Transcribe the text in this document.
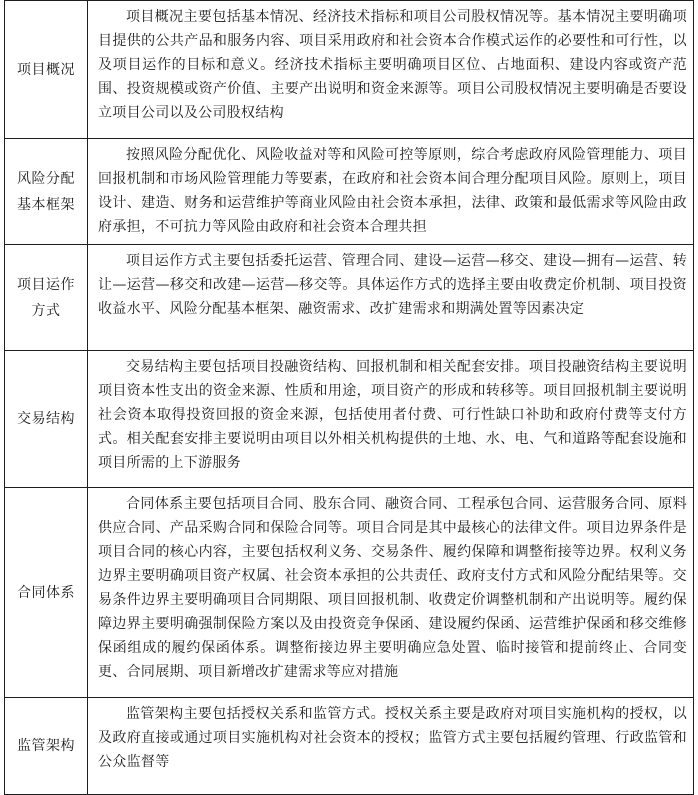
项目概况	项目概况主要包括基本情况、经济技术指标和项目公司股权情况等。基本情况主要明确项目提供的公共产品和服务内容、项目采用政府和社会资本合作模式运作的必要性和可行性，以及项目运作的目标和意义。经济技术指标主要明确项目区位、占地面积、建设内容或资产范围、投资规模或资产价值、主要产出说明和资金来源等。项目公司股权情况主要明确是否要设立项目公司以及公司股权结构

风险分配基本框架	按照风险分配优化、风险收益对等和风险可控等原则，综合考虑政府风险管理能力、项目回报机制和市场风险管理能力等要素，在政府和社会资本间合理分配项目风险。原则上，项目设计、建造、财务和运营维护等商业风险由社会资本承担，法律、政策和最低需求等风险由政府承担，不可抗力等风险由政府和社会资本合理共担

项目运作方式	项目运作方式主要包括委托运营、管理合同、建设—运营—移交、建设—拥有—运营、转让—运营—移交和改建—运营—移交等。具体运作方式的选择主要由收费定价机制、项目投资收益水平、风险分配基本框架、融资需求、改扩建需求和期满处置等因素决定

交易结构	交易结构主要包括项目投融资结构、回报机制和相关配套安排。项目投融资结构主要说明项目资本性支出的资金来源、性质和用途，项目资产的形成和转移等。项目回报机制主要说明社会资本取得投资回报的资金来源，包括使用者付费、可行性缺口补助和政府付费等支付方式。相关配套安排主要说明由项目以外相关机构提供的土地、水、电、气和道路等配套设施和项目所需的上下游服务

合同体系	合同体系主要包括项目合同、股东合同、融资合同、工程承包合同、运营服务合同、原料供应合同、产品采购合同和保险合同等。项目合同是其中最核心的法律文件。项目边界条件是项目合同的核心内容，主要包括权利义务、交易条件、履约保障和调整衔接等边界。权利义务边界主要明确项目资产权属、社会资本承担的公共责任、政府支付方式和风险分配结果等。交易条件边界主要明确项目合同期限、项目回报机制、收费定价调整机制和产出说明等。履约保障边界主要明确强制保险方案以及由投资竞争保函、建设履约保函、运营维护保函和移交维修保函组成的履约保函体系。调整衔接边界主要明确应急处置、临时接管和提前终止、合同变更、合同展期、项目新增改扩建需求等应对措施

监管架构	监管架构主要包括授权关系和监管方式。授权关系主要是政府对项目实施机构的授权，以及政府直接或通过项目实施机构对社会资本的授权；监管方式主要包括履约管理、行政监管和公众监督等
